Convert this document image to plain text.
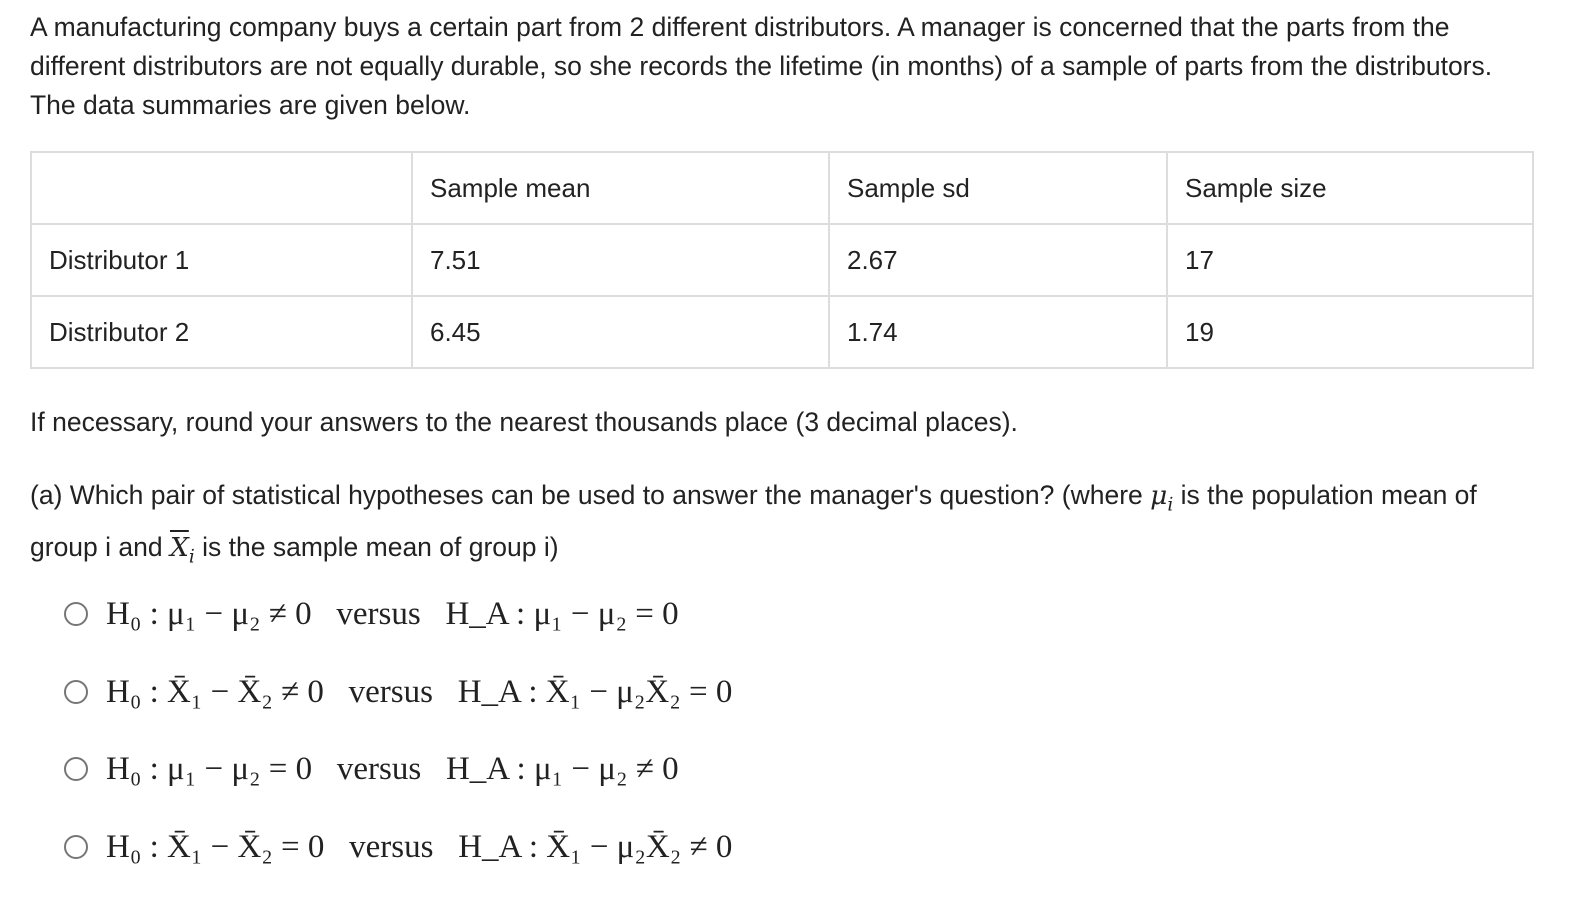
A manufacturing company buys a certain part from 2 different distributors. A manager is concerned that the parts from the different distributors are not equally durable, so she records the lifetime (in months) of a sample of parts from the distributors. The data summaries are given below.

	Sample mean	Sample sd	Sample size
Distributor 1	7.51	2.67	17
Distributor 2	6.45	1.74	19

If necessary, round your answers to the nearest thousands place (3 decimal places).

(a) Which pair of statistical hypotheses can be used to answer the manager's question? (where $\mu_i$ is the population mean of group i and $\overline{X}_i$ is the sample mean of group i)

H₀ : μ₁ − μ₂ ≠ 0   versus   H_A : μ₁ − μ₂ = 0
H₀ : X̄₁ − X̄₂ ≠ 0   versus   H_A : X̄₁ − μ₂X̄₂ = 0
H₀ : μ₁ − μ₂ = 0   versus   H_A : μ₁ − μ₂ ≠ 0
H₀ : X̄₁ − X̄₂ = 0   versus   H_A : X̄₁ − μ₂X̄₂ ≠ 0
